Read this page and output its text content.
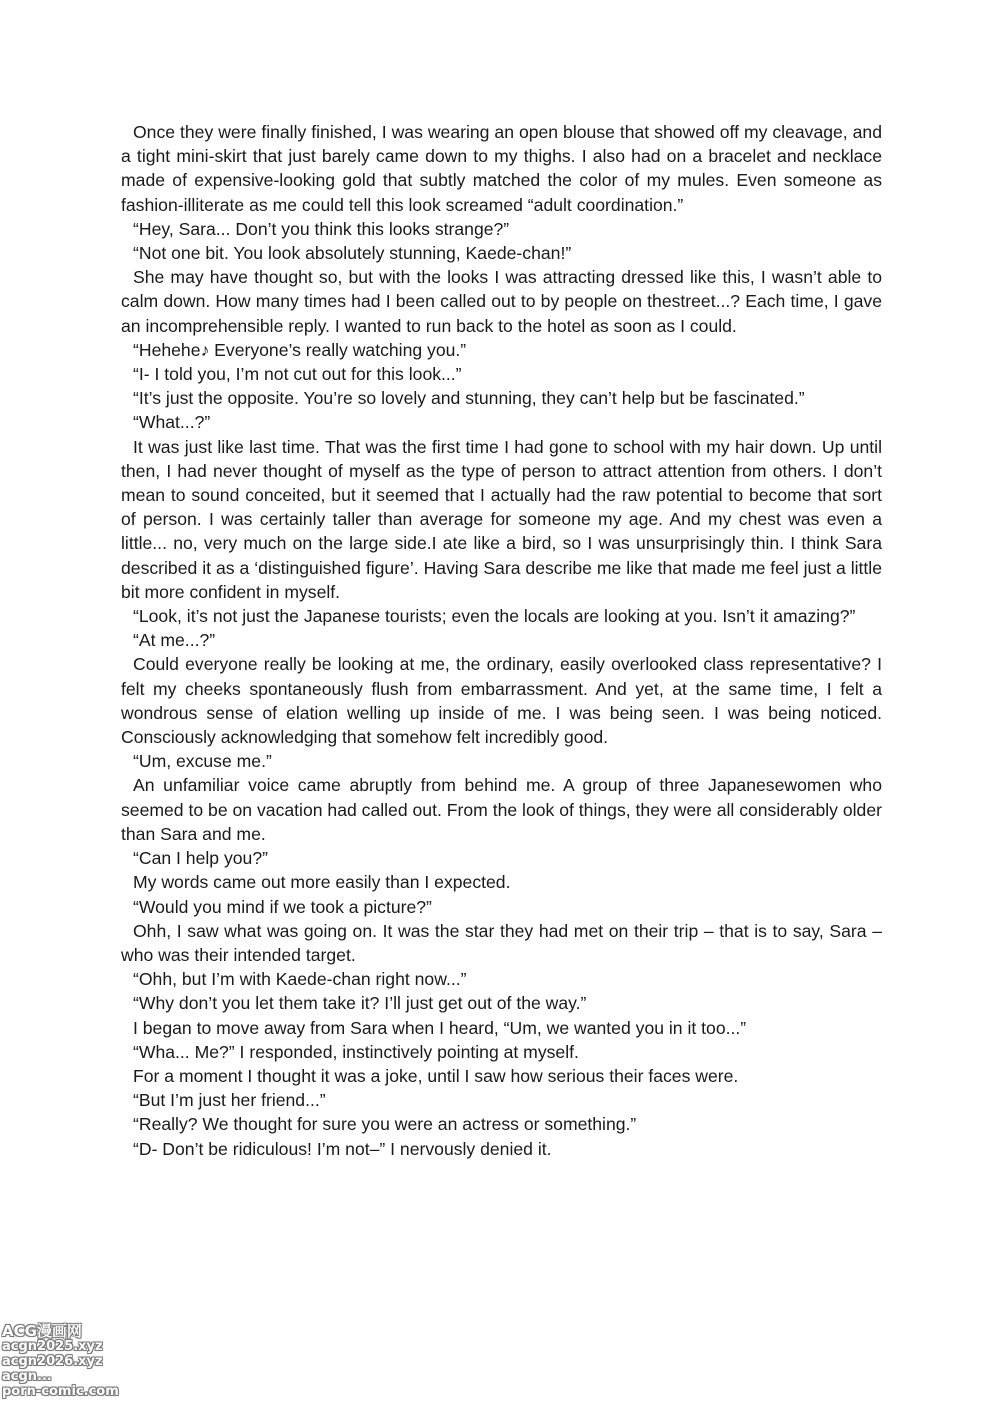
Once they were finally finished, I was wearing an open blouse that showed off my cleavage, and a tight mini-skirt that just barely came down to my thighs. I also had on a bracelet and necklace made of expensive-looking gold that subtly matched the color of my mules. Even someone as fashion-illiterate as me could tell this look screamed “adult coordination.”

“Hey, Sara... Don’t you think this looks strange?”

“Not one bit. You look absolutely stunning, Kaede-chan!”

She may have thought so, but with the looks I was attracting dressed like this, I wasn’t able to calm down. How many times had I been called out to by people on thestreet...? Each time, I gave an incomprehensible reply. I wanted to run back to the hotel as soon as I could.

“Hehehe♪ Everyone’s really watching you.”

“I- I told you, I’m not cut out for this look...”

“It’s just the opposite. You’re so lovely and stunning, they can’t help but be fascinated.”

“What...?”

It was just like last time. That was the first time I had gone to school with my hair down. Up until then, I had never thought of myself as the type of person to attract attention from others. I don’t mean to sound conceited, but it seemed that I actually had the raw potential to become that sort of person. I was certainly taller than average for someone my age. And my chest was even a little... no, very much on the large side.I ate like a bird, so I was unsurprisingly thin. I think Sara described it as a ‘distinguished figure’. Having Sara describe me like that made me feel just a little bit more confident in myself.

“Look, it’s not just the Japanese tourists; even the locals are looking at you. Isn’t it amazing?”

“At me...?”

Could everyone really be looking at me, the ordinary, easily overlooked class representative? I felt my cheeks spontaneously flush from embarrassment. And yet, at the same time, I felt a wondrous sense of elation welling up inside of me. I was being seen. I was being noticed. Consciously acknowledging that somehow felt incredibly good.

“Um, excuse me.”

An unfamiliar voice came abruptly from behind me. A group of three Japanesewomen who seemed to be on vacation had called out. From the look of things, they were all considerably older than Sara and me.

“Can I help you?”

My words came out more easily than I expected.

“Would you mind if we took a picture?”

Ohh, I saw what was going on. It was the star they had met on their trip – that is to say, Sara – who was their intended target.

“Ohh, but I’m with Kaede-chan right now...”

“Why don’t you let them take it? I’ll just get out of the way.”

I began to move away from Sara when I heard, “Um, we wanted you in it too...”

“Wha... Me?” I responded, instinctively pointing at myself.

For a moment I thought it was a joke, until I saw how serious their faces were.

“But I’m just her friend...”

“Really? We thought for sure you were an actress or something.”

“D- Don’t be ridiculous! I’m not–” I nervously denied it.

ACG漫画网
acgn2025.xyz
acgn2026.xyz
acgn...
porn-comic.com
